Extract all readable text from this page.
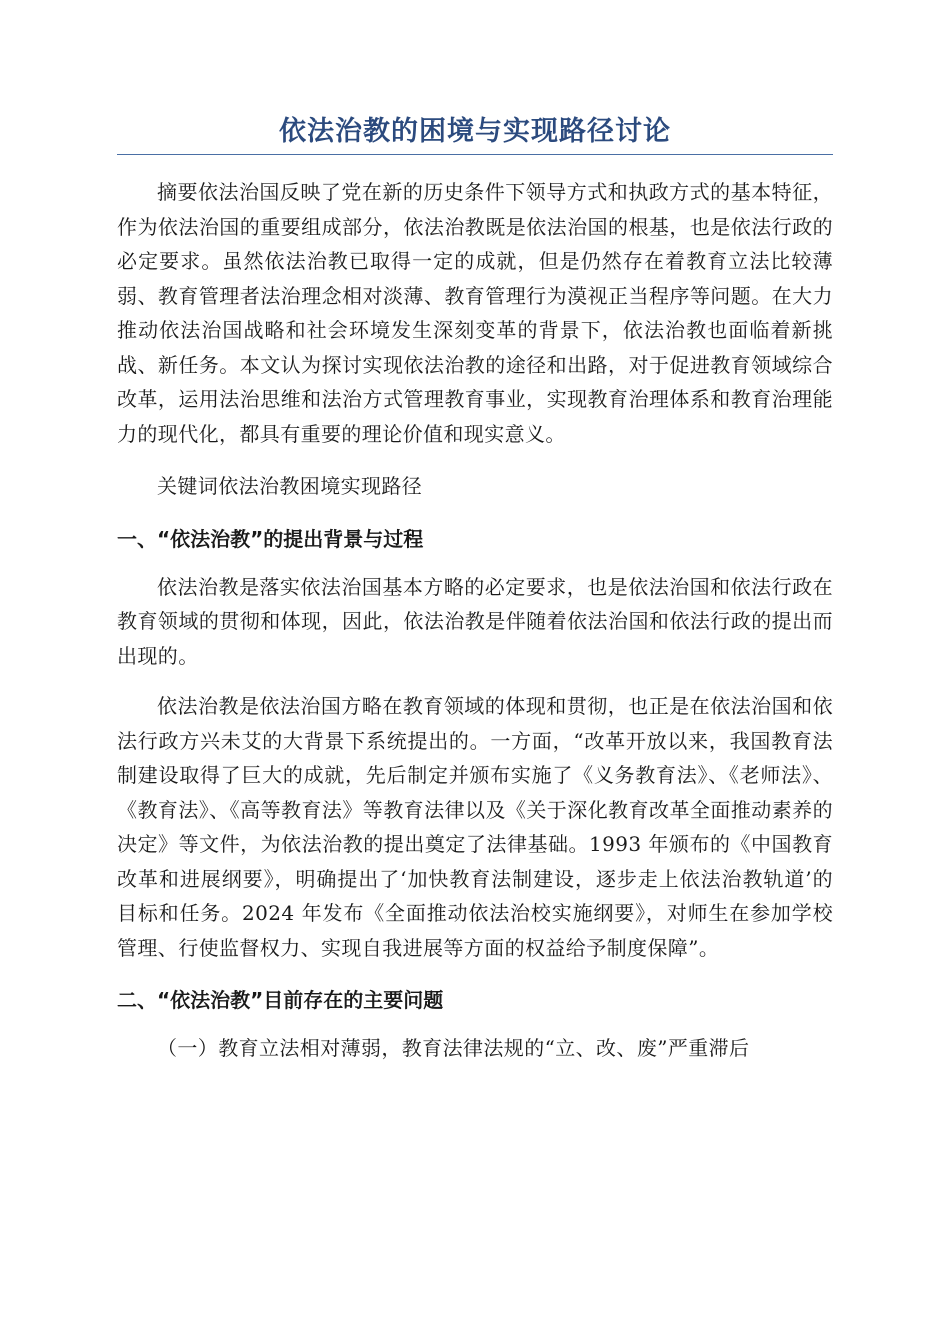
依法治教的困境与实现路径讨论

摘要依法治国反映了党在新的历史条件下领导方式和执政方式的基本特征，作为依法治国的重要组成部分，依法治教既是依法治国的根基，也是依法行政的必定要求。虽然依法治教已取得一定的成就，但是仍然存在着教育立法比较薄弱、教育管理者法治理念相对淡薄、教育管理行为漠视正当程序等问题。在大力推动依法治国战略和社会环境发生深刻变革的背景下，依法治教也面临着新挑战、新任务。本文认为探讨实现依法治教的途径和出路，对于促进教育领域综合改革，运用法治思维和法治方式管理教育事业，实现教育治理体系和教育治理能力的现代化，都具有重要的理论价值和现实意义。

关键词依法治教困境实现路径

一、“依法治教”的提出背景与过程

依法治教是落实依法治国基本方略的必定要求，也是依法治国和依法行政在教育领域的贯彻和体现，因此，依法治教是伴随着依法治国和依法行政的提出而出现的。

依法治教是依法治国方略在教育领域的体现和贯彻，也正是在依法治国和依法行政方兴未艾的大背景下系统提出的。一方面，“改革开放以来，我国教育法制建设取得了巨大的成就，先后制定并颁布实施了《义务教育法》、《老师法》、《教育法》、《高等教育法》等教育法律以及《关于深化教育改革全面推动素养的决定》等文件，为依法治教的提出奠定了法律基础。1993 年颁布的《中国教育改革和进展纲要》，明确提出了‘加快教育法制建设，逐步走上依法治教轨道’的目标和任务。2024 年发布《全面推动依法治校实施纲要》，对师生在参加学校管理、行使监督权力、实现自我进展等方面的权益给予制度保障”。

二、“依法治教”目前存在的主要问题

（一）教育立法相对薄弱，教育法律法规的“立、改、废”严重滞后
